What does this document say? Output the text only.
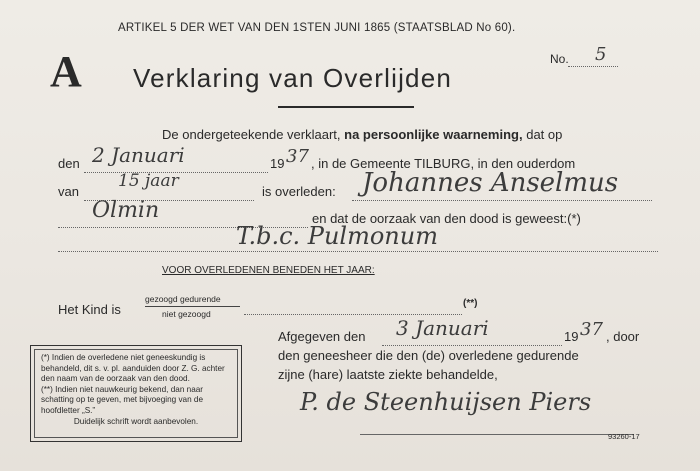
ARTIKEL 5 DER WET VAN DEN 1STEN JUNI 1865 (STAATSBLAD No 60).
A Verklaring van Overlijden
No. 5
De ondergeteekende verklaart, na persoonlijke waarneming, dat op
den 2 Januari	19 37 , in de Gemeente TILBURG, in den ouderdom
van
15 jaar
is overleden: Johannes Anselmus
Olmin	en dat de oorzaak van den dood is geweest:(*)
T.b.c. Pulmonum
VOOR OVERLEDENEN BENEDEN HET JAAR:
Het Kind is
gezoogd gedurende
niet gezoogd
(**)
Afgegeven den 3 Januari	19 37 , door
den geneesheer die den (de) overledene gedurende
zijne (hare) laatste ziekte behandelde,
P. de Steenhuijsen Piers

(*) Indien de overledene niet geneeskundig is behandeld, dit s. v. pl. aanduiden door Z. G. achter den naam van de oorzaak van den dood.

(**) Indien niet nauwkeurig bekend, dan naar schatting op te geven, met bijvoeging van de hoofdletter „S.”

Duidelijk schrift wordt aanbevolen.

93260-17
